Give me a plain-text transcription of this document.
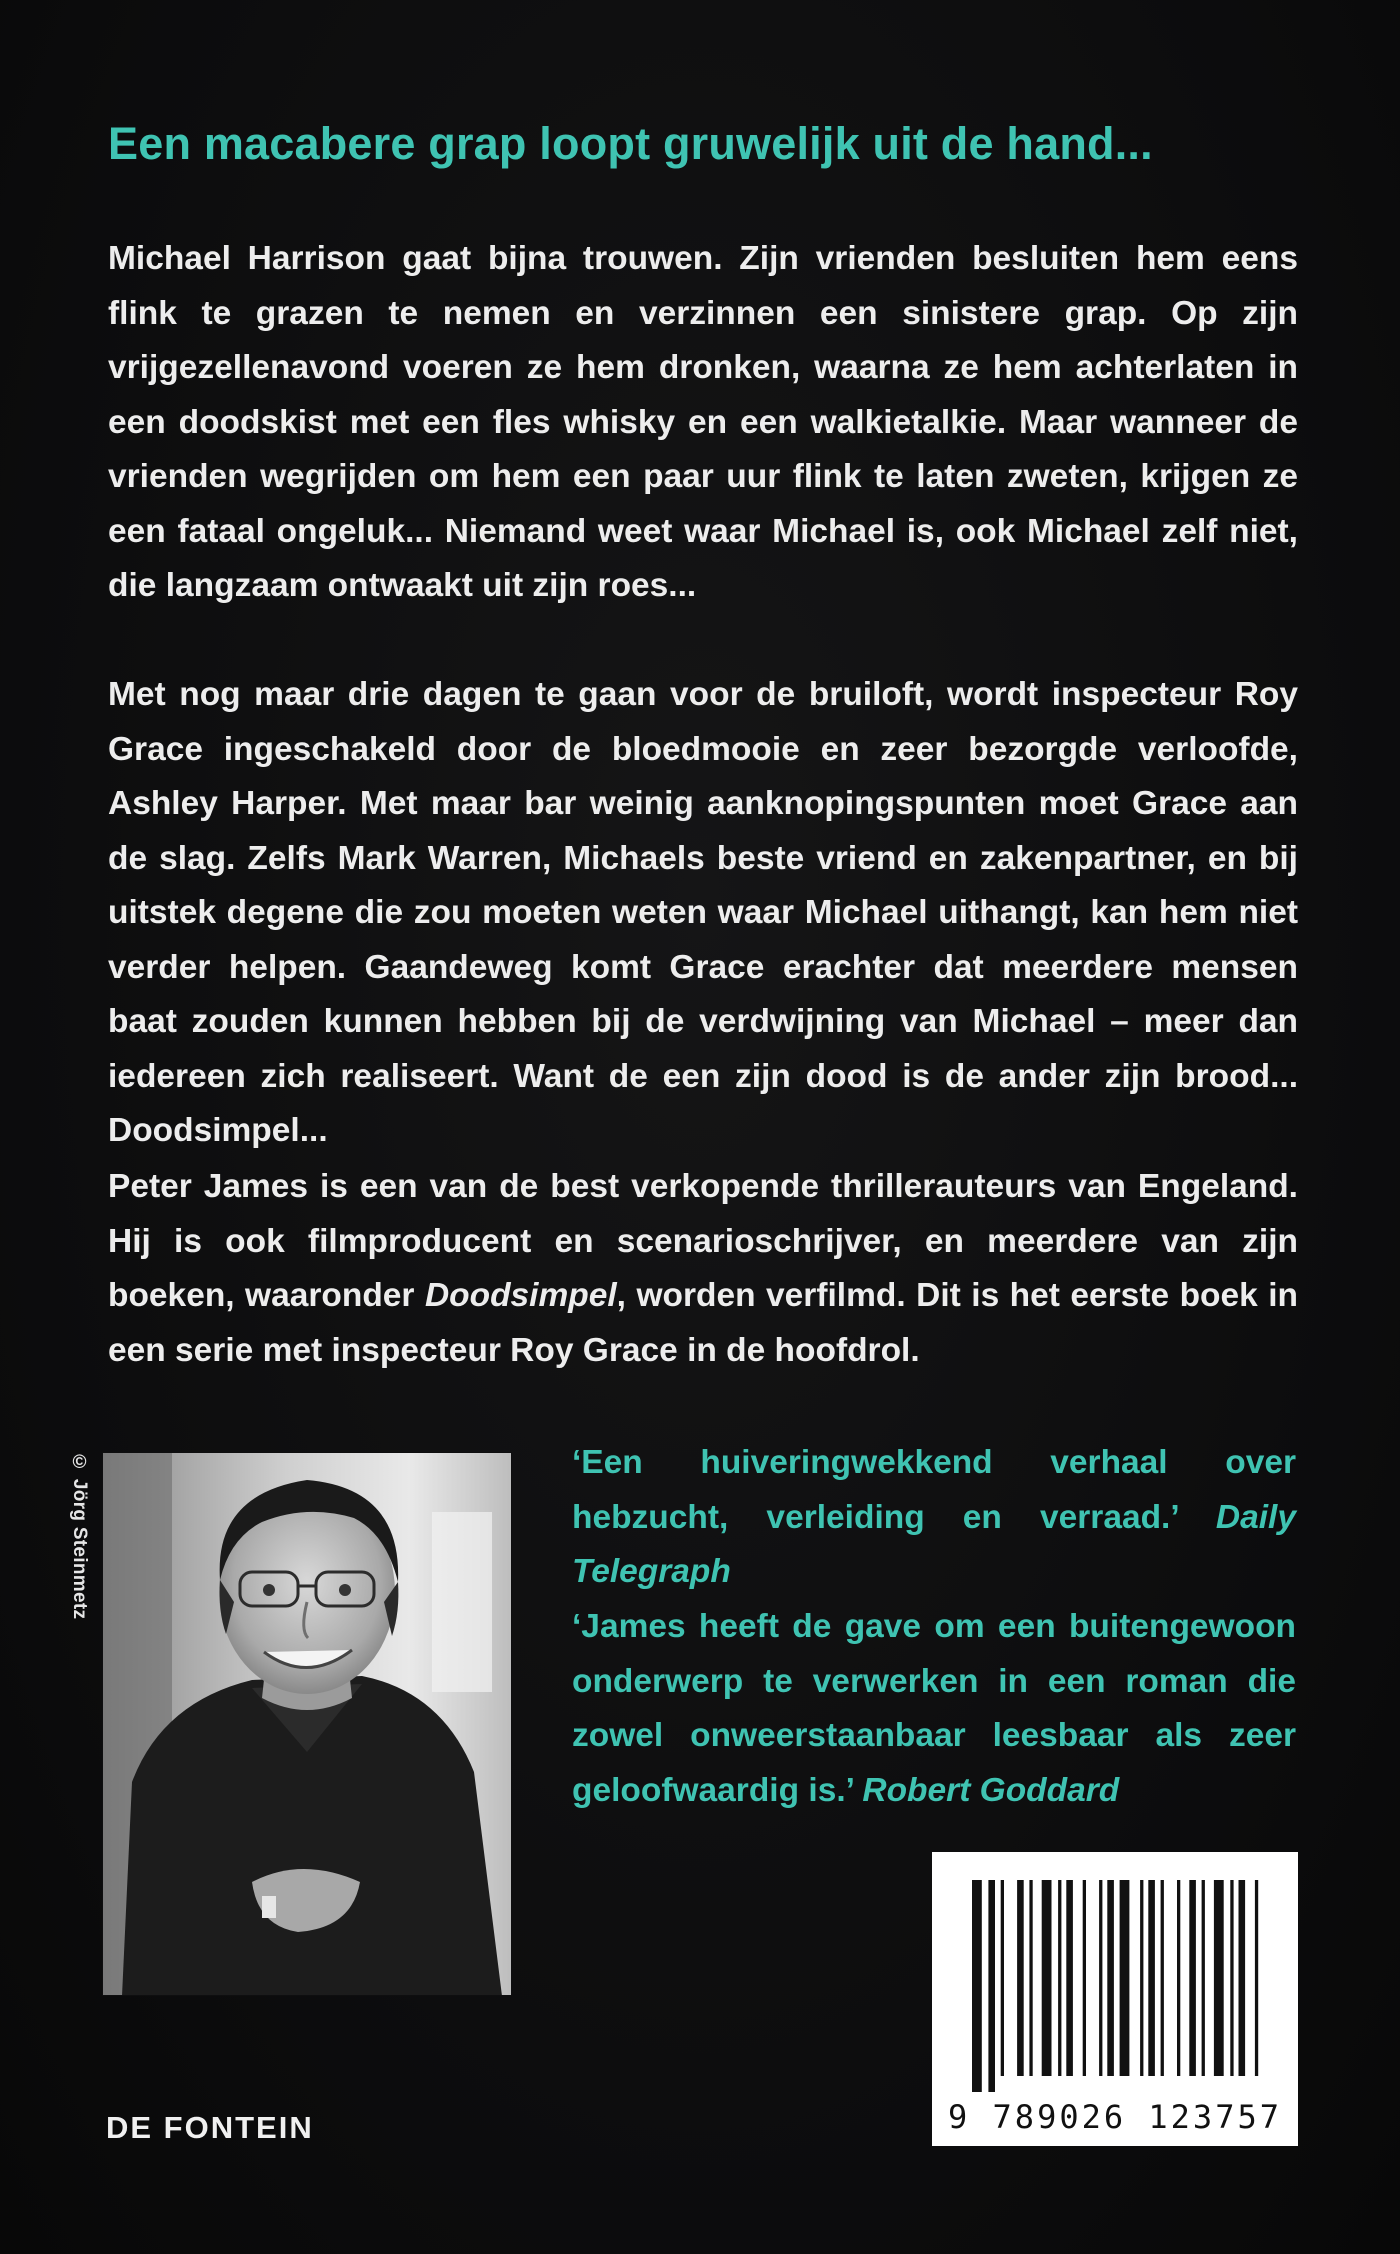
Een macabere grap loopt gruwelijk uit de hand...

Michael Harrison gaat bijna trouwen. Zijn vrienden besluiten hem eens flink te grazen te nemen en verzinnen een sinistere grap. Op zijn vrijgezellenavond voeren ze hem dronken, waarna ze hem achterlaten in een doodskist met een fles whisky en een walkietalkie. Maar wanneer de vrienden wegrijden om hem een paar uur flink te laten zweten, krijgen ze een fataal ongeluk... Niemand weet waar Michael is, ook Michael zelf niet, die langzaam ontwaakt uit zijn roes...

Met nog maar drie dagen te gaan voor de bruiloft, wordt inspecteur Roy Grace ingeschakeld door de bloedmooie en zeer bezorgde verloofde, Ashley Harper. Met maar bar weinig aanknopingspunten moet Grace aan de slag. Zelfs Mark Warren, Michaels beste vriend en zakenpartner, en bij uitstek degene die zou moeten weten waar Michael uithangt, kan hem niet verder helpen. Gaandeweg komt Grace erachter dat meerdere mensen baat zouden kunnen hebben bij de verdwijning van Michael – meer dan iedereen zich realiseert. Want de een zijn dood is de ander zijn brood... Doodsimpel...

Peter James is een van de best verkopende thrillerauteurs van Engeland. Hij is ook filmproducent en scenarioschrijver, en meerdere van zijn boeken, waaronder Doodsimpel, worden verfilmd. Dit is het eerste boek in een serie met inspecteur Roy Grace in de hoofdrol.

© Jörg Steinmetz	‘Een huiveringwekkend verhaal over hebzucht, verleiding en verraad.’ Daily Telegraph

‘James heeft de gave om een buitengewoon onderwerp te verwerken in een roman die zowel onweerstaanbaar leesbaar als zeer geloofwaardig is.’ Robert Goddard

DE FONTEIN	9 789026 123757
